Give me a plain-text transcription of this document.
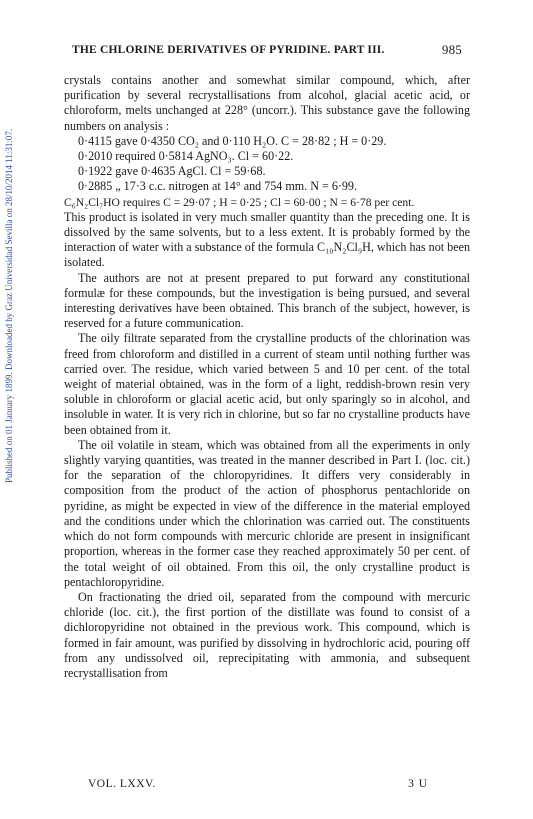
Published on 01 January 1899. Downloaded by Graz Universidad Sevilla on 28/10/2014 11:31:07.
THE CHLORINE DERIVATIVES OF PYRIDINE. PART III.	985

crystals contains another and somewhat similar compound, which, after purification by several recrystallisations from alcohol, glacial acetic acid, or chloroform, melts unchanged at 228° (uncorr.). This substance gave the following numbers on analysis :

0·4115 gave 0·4350 CO₂ and 0·110 H₂O. C = 28·82 ; H = 0·29.

0·2010 required 0·5814 AgNO₃. Cl = 60·22.

0·1922 gave 0·4635 AgCl. Cl = 59·68.

0·2885 „ 17·3 c.c. nitrogen at 14° and 754 mm. N = 6·99.

C₆N₂Cl₇HO requires C = 29·07 ; H = 0·25 ; Cl = 60·00 ; N = 6·78 per cent.

This product is isolated in very much smaller quantity than the preceding one. It is dissolved by the same solvents, but to a less extent. It is probably formed by the interaction of water with a substance of the formula C₁₀N₂Cl₉H, which has not been isolated.

The authors are not at present prepared to put forward any constitutional formulæ for these compounds, but the investigation is being pursued, and several interesting derivatives have been obtained. This branch of the subject, however, is reserved for a future communication.

The oily filtrate separated from the crystalline products of the chlorination was freed from chloroform and distilled in a current of steam until nothing further was carried over. The residue, which varied between 5 and 10 per cent. of the total weight of material obtained, was in the form of a light, reddish-brown resin very soluble in chloroform or glacial acetic acid, but only sparingly so in alcohol, and insoluble in water. It is very rich in chlorine, but so far no crystalline products have been obtained from it.

The oil volatile in steam, which was obtained from all the experiments in only slightly varying quantities, was treated in the manner described in Part I. (loc. cit.) for the separation of the chloropyridines. It differs very considerably in composition from the product of the action of phosphorus pentachloride on pyridine, as might be expected in view of the difference in the material employed and the conditions under which the chlorination was carried out. The constituents which do not form compounds with mercuric chloride are present in insignificant proportion, whereas in the former case they reached approximately 50 per cent. of the total weight of oil obtained. From this oil, the only crystalline product is pentachloropyridine.

On fractionating the dried oil, separated from the compound with mercuric chloride (loc. cit.), the first portion of the distillate was found to consist of a dichloropyridine not obtained in the previous work. This compound, which is formed in fair amount, was purified by dissolving in hydrochloric acid, pouring off from any undissolved oil, reprecipitating with ammonia, and subsequent recrystallisation from

VOL. LXXV.	3 U
